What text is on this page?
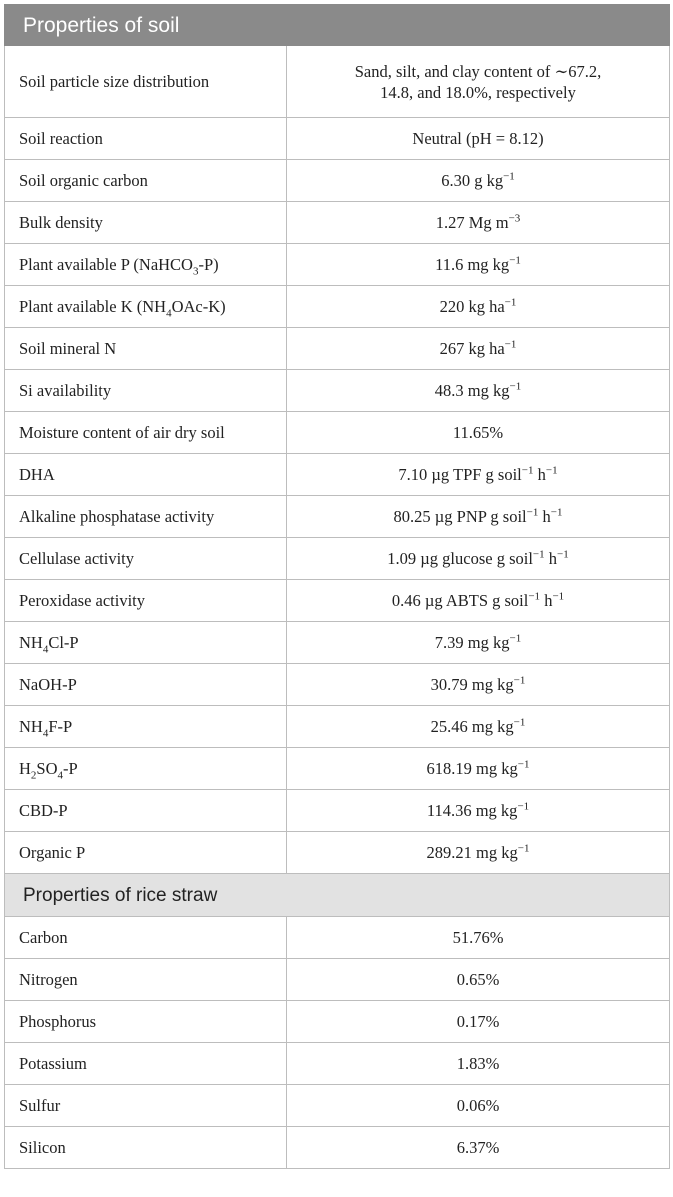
Properties of soil	
Soil particle size distribution	Sand, silt, and clay content of ∼67.2,
14.8, and 18.0%, respectively
Soil reaction	Neutral (pH = 8.12)
Soil organic carbon	6.30 g $kg^{-1}$
Bulk density	1.27 Mg $m^{-3}$
Plant available P (NaHCO$_3$-P)	11.6 mg $kg^{-1}$
Plant available K $(NH_4OAc-K)$	220 kg $ha^{-1}$
Soil mineral N	267 kg $ha^{-1}$
Si availability	48.3 mg $kg^{-1}$
Moisture content of air dry soil	11.65%
DHA	7.10 µg TPF g soil$^{-1}$ $h^{-1}$
Alkaline phosphatase activity	80.25 µg PNP g soil$^{-1}$ $h^{-1}$
Cellulase activity	1.09 µg glucose g soil$^{-1}$ $h^{-1}$
Peroxidase activity	0.46 µg ABTS g soil$^{-1}$ $h^{-1}$
$NH_4Cl-P$	7.39 mg $kg^{-1}$
NaOH-P	30.79 mg $kg^{-1}$
$NH_4F-P$	25.46 mg $kg^{-1}$
$H_2SO_4-P$	618.19 mg $kg^{-1}$
CBD-P	114.36 mg $kg^{-1}$
Organic P	289.21 mg $kg^{-1}$
Properties of rice straw	
Carbon	51.76%
Nitrogen	0.65%
Phosphorus	0.17%
Potassium	1.83%
Sulfur	0.06%
Silicon	6.37%
